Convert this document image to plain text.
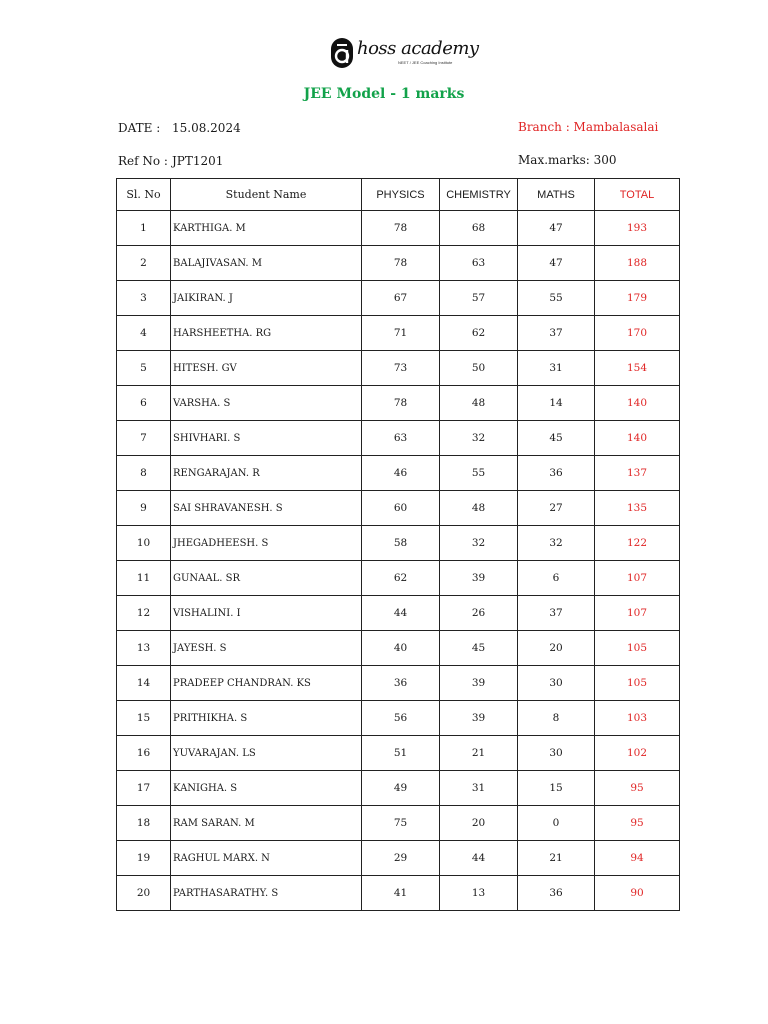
hoss academy
NEET / JEE Coaching Institute
JEE Model - 1 marks
DATE : 15.08.2024
Ref No : JPT1201
Branch : Mambalasalai
Max.marks: 300
Sl. No	Student Name	PHYSICS	CHEMISTRY	MATHS	TOTAL
1	KARTHIGA. M	78	68	47	193
2	BALAJIVASAN. M	78	63	47	188
3	JAIKIRAN. J	67	57	55	179
4	HARSHEETHA. RG	71	62	37	170
5	HITESH. GV	73	50	31	154
6	VARSHA. S	78	48	14	140
7	SHIVHARI. S	63	32	45	140
8	RENGARAJAN. R	46	55	36	137
9	SAI SHRAVANESH. S	60	48	27	135
10	JHEGADHEESH. S	58	32	32	122
11	GUNAAL. SR	62	39	6	107
12	VISHALINI. I	44	26	37	107
13	JAYESH. S	40	45	20	105
14	PRADEEP CHANDRAN. KS	36	39	30	105
15	PRITHIKHA. S	56	39	8	103
16	YUVARAJAN. LS	51	21	30	102
17	KANIGHA. S	49	31	15	95
18	RAM SARAN. M	75	20	0	95
19	RAGHUL MARX. N	29	44	21	94
20	PARTHASARATHY. S	41	13	36	90
